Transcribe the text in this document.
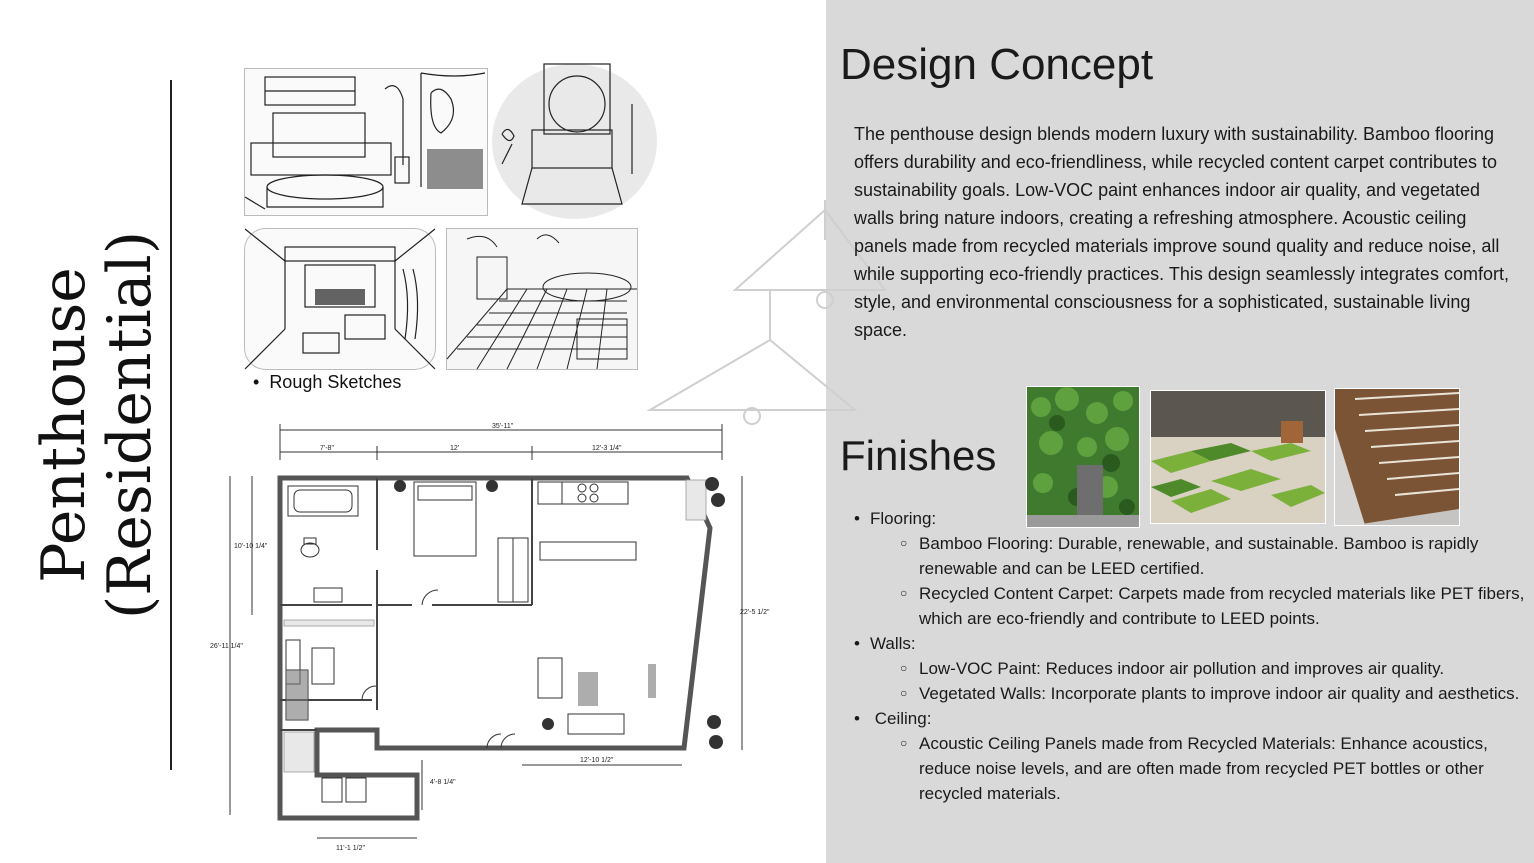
Penthouse
(Residential)
•	Rough Sketches
35'-11"
7'-8"	12'	12'-3 1/4"
10'-10 1/4"
26'-11 1/4"
22'-5 1/2"
12'-10 1/2"
11'-1 1/2"
4'-8 1/4"
Design Concept

The penthouse design blends modern luxury with sustainability. Bamboo flooring offers durability and eco-friendliness, while recycled content carpet contributes to sustainability goals. Low-VOC paint enhances indoor air quality, and vegetated walls bring nature indoors, creating a refreshing atmosphere. Acoustic ceiling panels made from recycled materials improve sound quality and reduce noise, all while supporting eco-friendly practices. This design seamlessly integrates comfort, style, and environmental consciousness for a sophisticated, sustainable living space.

Finishes
• Flooring:
○ Bamboo Flooring: Durable, renewable, and sustainable. Bamboo is rapidly renewable and can be LEED certified.
○ Recycled Content Carpet: Carpets made from recycled materials like PET fibers, which are eco-friendly and contribute to LEED points.
• Walls:
○ Low-VOC Paint: Reduces indoor air pollution and improves air quality.
○ Vegetated Walls: Incorporate plants to improve indoor air quality and aesthetics.
•  Ceiling:
○ Acoustic Ceiling Panels made from Recycled Materials: Enhance acoustics, reduce noise levels, and are often made from recycled PET bottles or other recycled materials.
